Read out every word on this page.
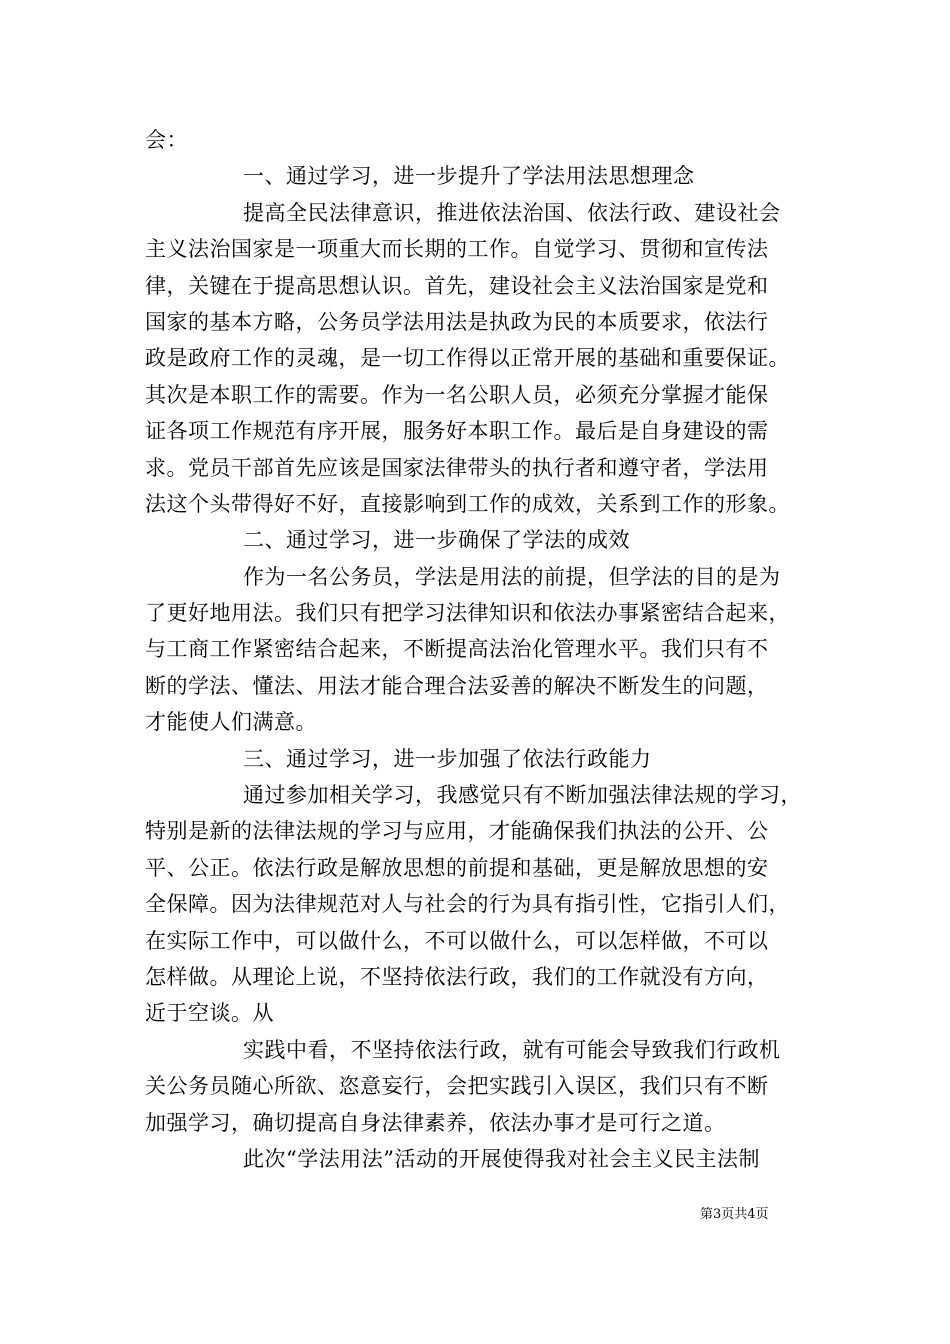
会：
一、通过学习，进一步提升了学法用法思想理念
提高全民法律意识，推进依法治国、依法行政、建设社会
主义法治国家是一项重大而长期的工作。自觉学习、贯彻和宣传法
律，关键在于提高思想认识。首先，建设社会主义法治国家是党和
国家的基本方略，公务员学法用法是执政为民的本质要求，依法行
政是政府工作的灵魂，是一切工作得以正常开展的基础和重要保证。
其次是本职工作的需要。作为一名公职人员，必须充分掌握才能保
证各项工作规范有序开展，服务好本职工作。最后是自身建设的需
求。党员干部首先应该是国家法律带头的执行者和遵守者，学法用
法这个头带得好不好，直接影响到工作的成效，关系到工作的形象。
二、通过学习，进一步确保了学法的成效
作为一名公务员，学法是用法的前提，但学法的目的是为
了更好地用法。我们只有把学习法律知识和依法办事紧密结合起来，
与工商工作紧密结合起来，不断提高法治化管理水平。我们只有不
断的学法、懂法、用法才能合理合法妥善的解决不断发生的问题，
才能使人们满意。
三、通过学习，进一步加强了依法行政能力
通过参加相关学习，我感觉只有不断加强法律法规的学习，
特别是新的法律法规的学习与应用，才能确保我们执法的公开、公
平、公正。依法行政是解放思想的前提和基础，更是解放思想的安
全保障。因为法律规范对人与社会的行为具有指引性，它指引人们，
在实际工作中，可以做什么，不可以做什么，可以怎样做，不可以
怎样做。从理论上说，不坚持依法行政，我们的工作就没有方向，
近于空谈。从
实践中看，不坚持依法行政，就有可能会导致我们行政机
关公务员随心所欲、恣意妄行，会把实践引入误区，我们只有不断
加强学习，确切提高自身法律素养，依法办事才是可行之道。
此次“学法用法”活动的开展使得我对社会主义民主法制
第3页共4页
